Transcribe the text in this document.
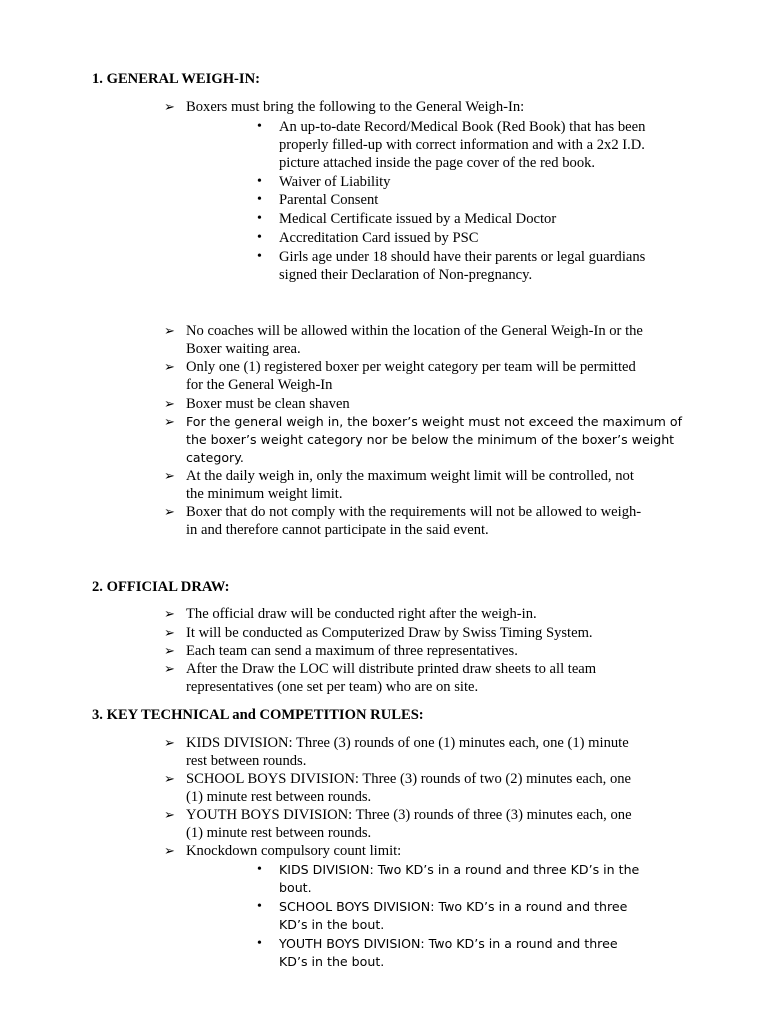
1. GENERAL WEIGH-IN:
➢ Boxers must bring the following to the General Weigh-In:
• An up-to-date Record/Medical Book (Red Book) that has been
properly filled-up with correct information and with a 2x2 I.D.
picture attached inside the page cover of the red book.
• Waiver of Liability
• Parental Consent
• Medical Certificate issued by a Medical Doctor
• Accreditation Card issued by PSC
• Girls age under 18 should have their parents or legal guardians
signed their Declaration of Non-pregnancy.
➢ No coaches will be allowed within the location of the General Weigh-In or the
Boxer waiting area.
➢ Only one (1) registered boxer per weight category per team will be permitted
for the General Weigh-In
➢ Boxer must be clean shaven
➢ For the general weigh in, the boxer’s weight must not exceed the maximum of
the boxer’s weight category nor be below the minimum of the boxer’s weight
category.
➢ At the daily weigh in, only the maximum weight limit will be controlled, not
the minimum weight limit.
➢ Boxer that do not comply with the requirements will not be allowed to weigh-
in and therefore cannot participate in the said event.
2. OFFICIAL DRAW:
➢ The official draw will be conducted right after the weigh-in.
➢ It will be conducted as Computerized Draw by Swiss Timing System.
➢ Each team can send a maximum of three representatives.
➢ After the Draw the LOC will distribute printed draw sheets to all team
representatives (one set per team) who are on site.
3. KEY TECHNICAL and COMPETITION RULES:
➢ KIDS DIVISION: Three (3) rounds of one (1) minutes each, one (1) minute
rest between rounds.
➢ SCHOOL BOYS DIVISION: Three (3) rounds of two (2) minutes each, one
(1) minute rest between rounds.
➢ YOUTH BOYS DIVISION: Three (3) rounds of three (3) minutes each, one
(1) minute rest between rounds.
➢ Knockdown compulsory count limit:
• KIDS DIVISION: Two KD’s in a round and three KD’s in the
bout.
• SCHOOL BOYS DIVISION: Two KD’s in a round and three
KD’s in the bout.
• YOUTH BOYS DIVISION: Two KD’s in a round and three
KD’s in the bout.
